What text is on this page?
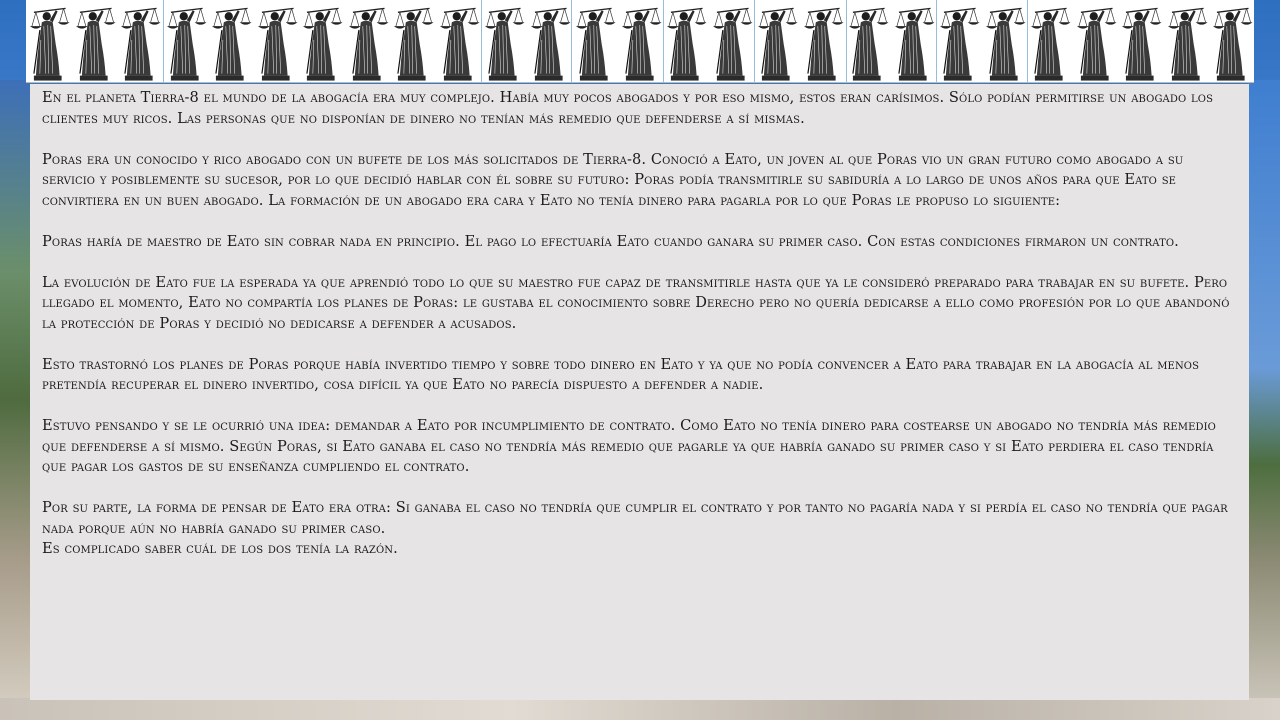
En el planeta Tierra-8 el mundo de la abogacía era muy complejo. Había muy pocos abogados y por eso mismo, estos eran carísimos. Sólo podían permitirse un abogado los clientes muy ricos. Las personas que no disponían de dinero no tenían más remedio que defenderse a sí mismas.

Poras era un conocido y rico abogado con un bufete de los más solicitados de Tierra-8. Conoció a Eato, un joven al que Poras vio un gran futuro como abogado a su servicio y posiblemente su sucesor, por lo que decidió hablar con él sobre su futuro: Poras podía transmitirle su sabiduría a lo largo de unos años para que Eato se convirtiera en un buen abogado. La formación de un abogado era cara y Eato no tenía dinero para pagarla por lo que Poras le propuso lo siguiente:

Poras haría de maestro de Eato sin cobrar nada en principio. El pago lo efectuaría Eato cuando ganara su primer caso. Con estas condiciones firmaron un contrato.

La evolución de Eato fue la esperada ya que aprendió todo lo que su maestro fue capaz de transmitirle hasta que ya le consideró preparado para trabajar en su bufete. Pero llegado el momento, Eato no compartía los planes de Poras: le gustaba el conocimiento sobre Derecho pero no quería dedicarse a ello como profesión por lo que abandonó la protección de Poras y decidió no dedicarse a defender a acusados.

Esto trastornó los planes de Poras porque había invertido tiempo y sobre todo dinero en Eato y ya que no podía convencer a Eato para trabajar en la abogacía al menos pretendía recuperar el dinero invertido, cosa difícil ya que Eato no parecía dispuesto a defender a nadie.

Estuvo pensando y se le ocurrió una idea: demandar a Eato por incumplimiento de contrato. Como Eato no tenía dinero para costearse un abogado no tendría más remedio que defenderse a sí mismo. Según Poras, si Eato ganaba el caso no tendría más remedio que pagarle ya que habría ganado su primer caso y si Eato perdiera el caso tendría que pagar los gastos de su enseñanza cumpliendo el contrato.

Por su parte, la forma de pensar de Eato era otra: Si ganaba el caso no tendría que cumplir el contrato y por tanto no pagaría nada y si perdía el caso no tendría que pagar nada porque aún no habría ganado su primer caso.
Es complicado saber cuál de los dos tenía la razón.
